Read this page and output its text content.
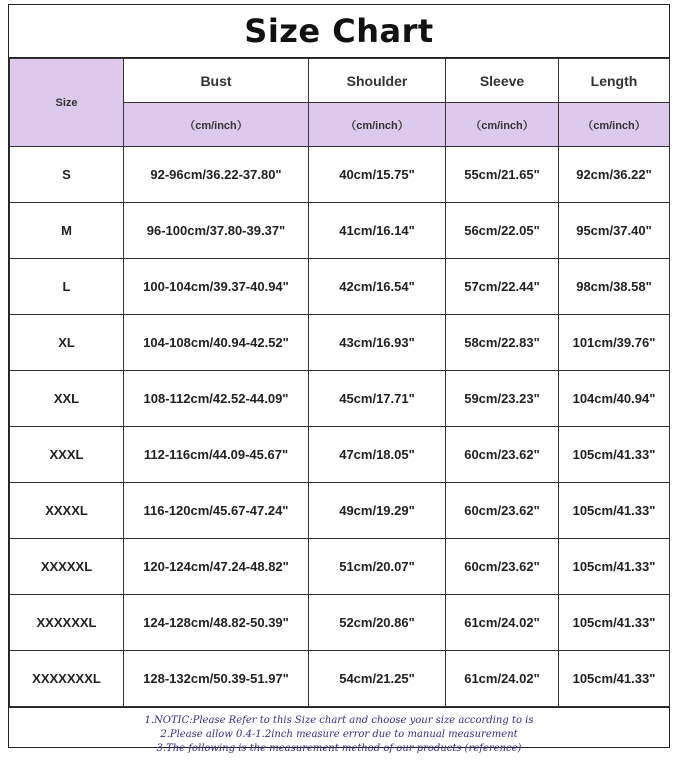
Size Chart
Size	Bust	Shoulder	Sleeve	Length
	（cm/inch）	（cm/inch）	（cm/inch）	（cm/inch）
S	92-96cm/36.22-37.80"	40cm/15.75"	55cm/21.65"	92cm/36.22"
M	96-100cm/37.80-39.37"	41cm/16.14"	56cm/22.05"	95cm/37.40"
L	100-104cm/39.37-40.94"	42cm/16.54"	57cm/22.44"	98cm/38.58"
XL	104-108cm/40.94-42.52"	43cm/16.93"	58cm/22.83"	101cm/39.76"
XXL	108-112cm/42.52-44.09"	45cm/17.71"	59cm/23.23"	104cm/40.94"
XXXL	112-116cm/44.09-45.67"	47cm/18.05"	60cm/23.62"	105cm/41.33"
XXXXL	116-120cm/45.67-47.24"	49cm/19.29"	60cm/23.62"	105cm/41.33"
XXXXXL	120-124cm/47.24-48.82"	51cm/20.07"	60cm/23.62"	105cm/41.33"
XXXXXXL	124-128cm/48.82-50.39"	52cm/20.86"	61cm/24.02"	105cm/41.33"
XXXXXXXL	128-132cm/50.39-51.97"	54cm/21.25"	61cm/24.02"	105cm/41.33"
1.NOTIC:Please Refer to this Size chart and choose your size according to is
2.Please allow 0.4-1.2inch measure error due to manual measurement
3.The following is the measurement method of our products (reference)
